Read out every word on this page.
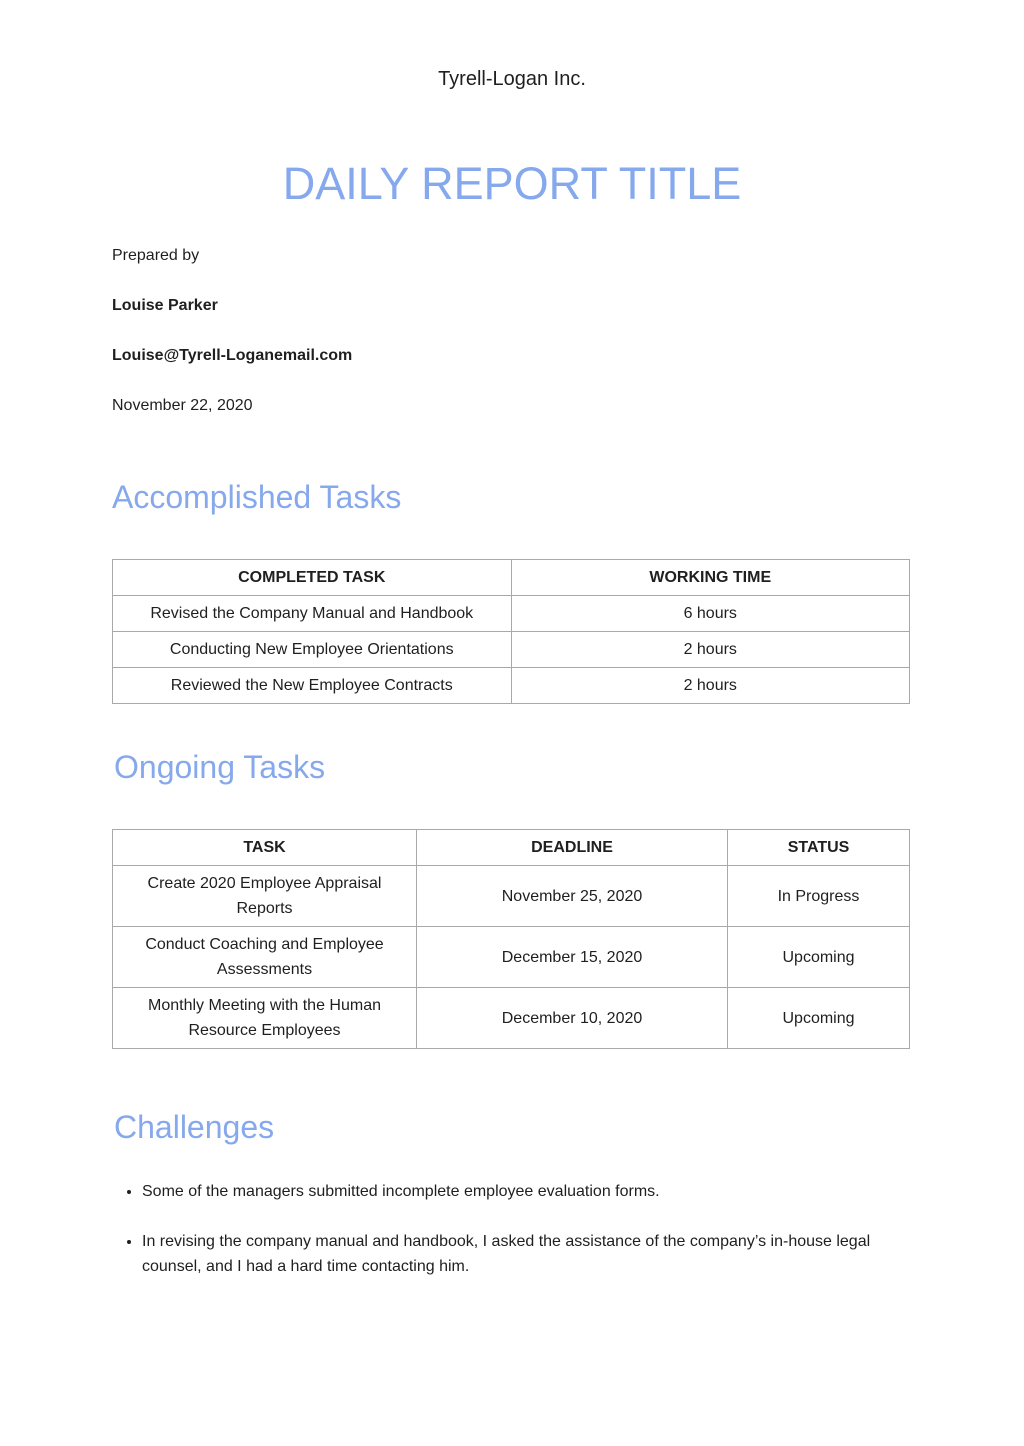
Tyrell-Logan Inc.
DAILY REPORT TITLE
Prepared by
Louise Parker
Louise@Tyrell-Loganemail.com
November 22, 2020
Accomplished Tasks
COMPLETED TASK	WORKING TIME
Revised the Company Manual and Handbook	6 hours
Conducting New Employee Orientations	2 hours
Reviewed the New Employee Contracts	2 hours
Ongoing Tasks
TASK	DEADLINE	STATUS
Create 2020 Employee Appraisal Reports	November 25, 2020	In Progress
Conduct Coaching and Employee Assessments	December 15, 2020	Upcoming
Monthly Meeting with the Human Resource Employees	December 10, 2020	Upcoming
Challenges
• Some of the managers submitted incomplete employee evaluation forms.
• In revising the company manual and handbook, I asked the assistance of the company’s in-house legal counsel, and I had a hard time contacting him.
